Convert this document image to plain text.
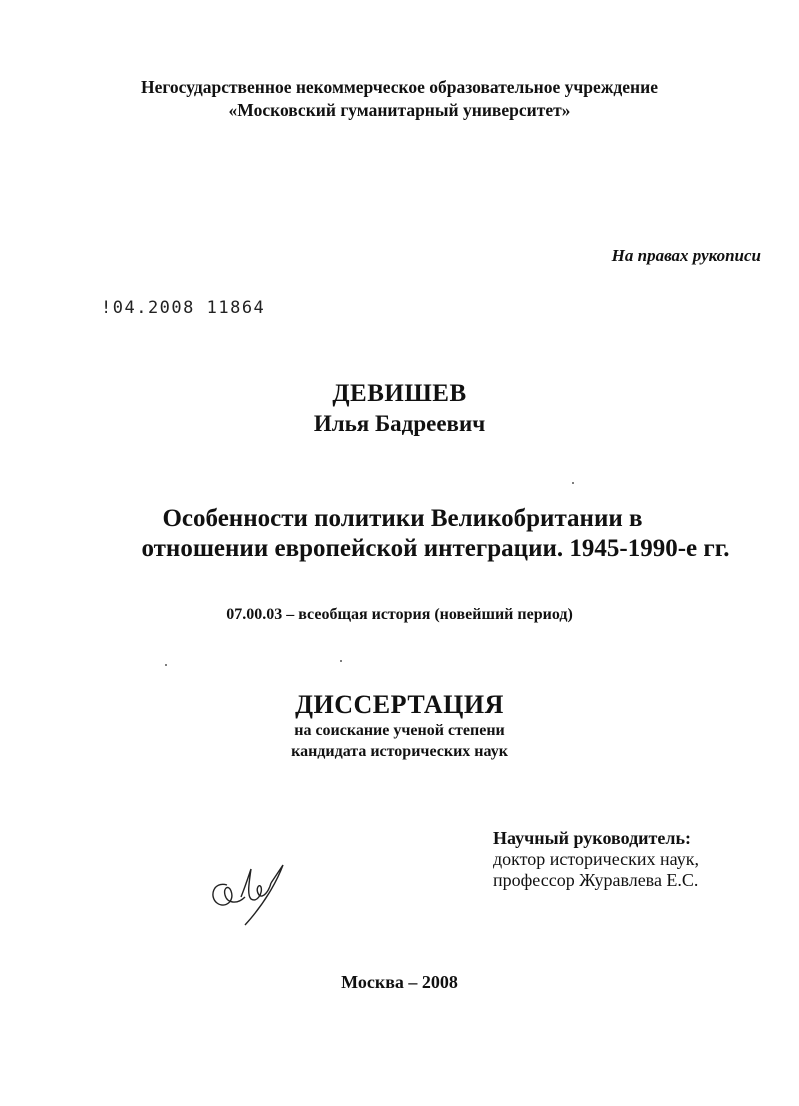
Негосударственное некоммерческое образовательное учреждение
«Московский гуманитарный университет»
На правах рукописи
!04.2008 11864
ДЕВИШЕВ
Илья Бадреевич
Особенности политики Великобритании в
отношении европейской интеграции. 1945-1990-е гг.
07.00.03 – всеобщая история (новейший период)
ДИССЕРТАЦИЯ
на соискание ученой степени
кандидата исторических наук
Научный руководитель:
доктор исторических наук,
профессор Журавлева Е.С.
Москва – 2008
